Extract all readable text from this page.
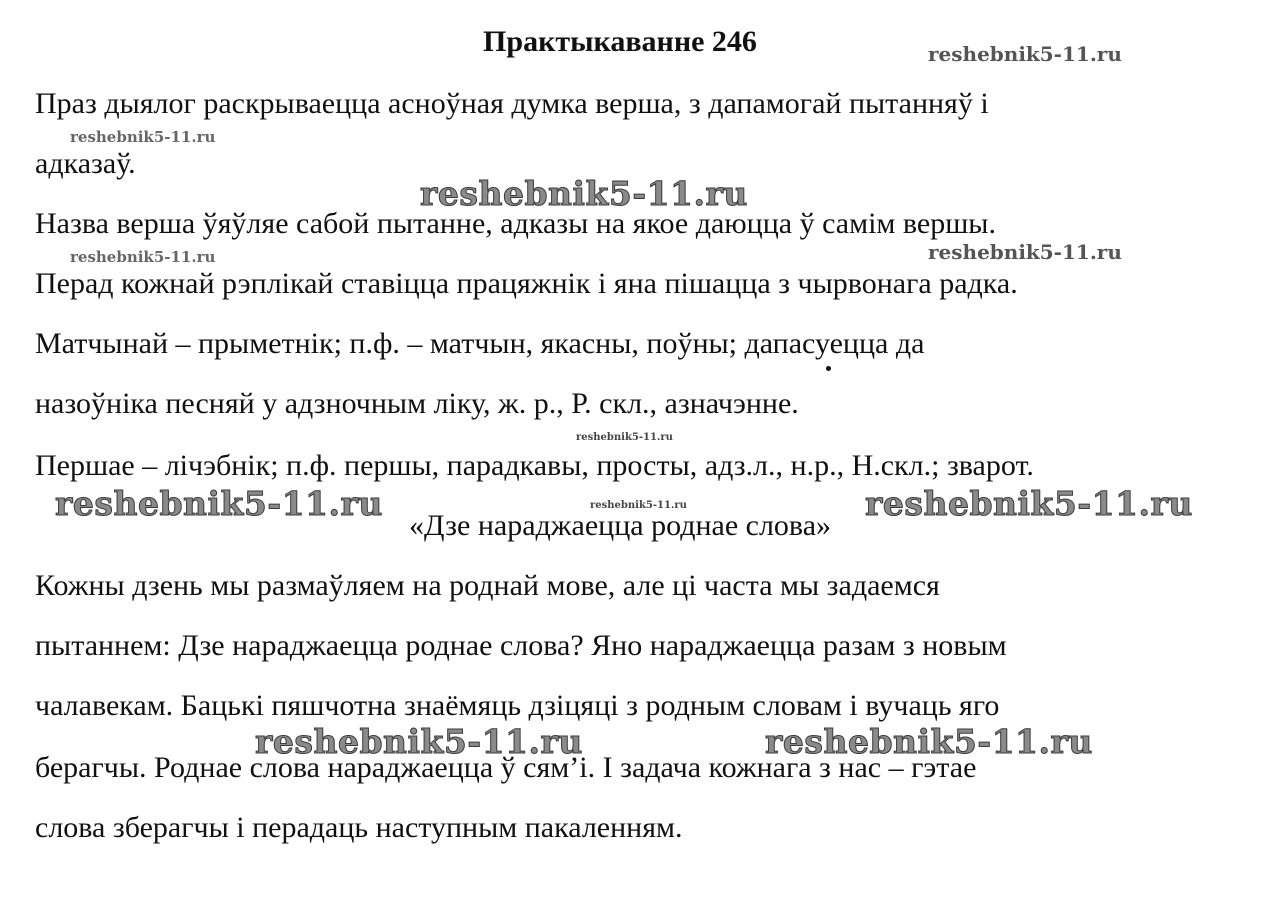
Практыкаванне 246
Праз дыялог раскрываецца асноўная думка верша, з дапамогай пытанняў і
адказаў.
Назва верша ўяўляе сабой пытанне, адказы на якое даюцца ў самім вершы.
Перад кожнай рэплікай ставіцца працяжнік і яна пішацца з чырвонага радка.
Матчынай – прыметнік; п.ф. – матчын, якасны, поўны; дапасуецца да
назоўніка песняй у адзночным ліку, ж. р., Р. скл., азначэнне.
Першае – лічэбнік; п.ф. першы, парадкавы, просты, адз.л., н.р., Н.скл.; зварот.
«Дзе нараджаецца роднае слова»
Кожны дзень мы размаўляем на роднай мове, але ці часта мы задаемся
пытаннем: Дзе нараджаецца роднае слова? Яно нараджаецца разам з новым
чалавекам. Бацькі пяшчотна знаёмяць дзіцяці з родным словам і вучаць яго
берагчы. Роднае слова нараджаецца ў сям’і. І задача кожнага з нас – гэтае
слова зберагчы і перадаць наступным пакаленням.
reshebnik5-11.ru
reshebnik5-11.ru
reshebnik5-11.ru
reshebnik5-11.ru	reshebnik5-11.ru
reshebnik5-11.ru
reshebnik5-11.ru	reshebnik5-11.ru	reshebnik5-11.ru
reshebnik5-11.ru	reshebnik5-11.ru
